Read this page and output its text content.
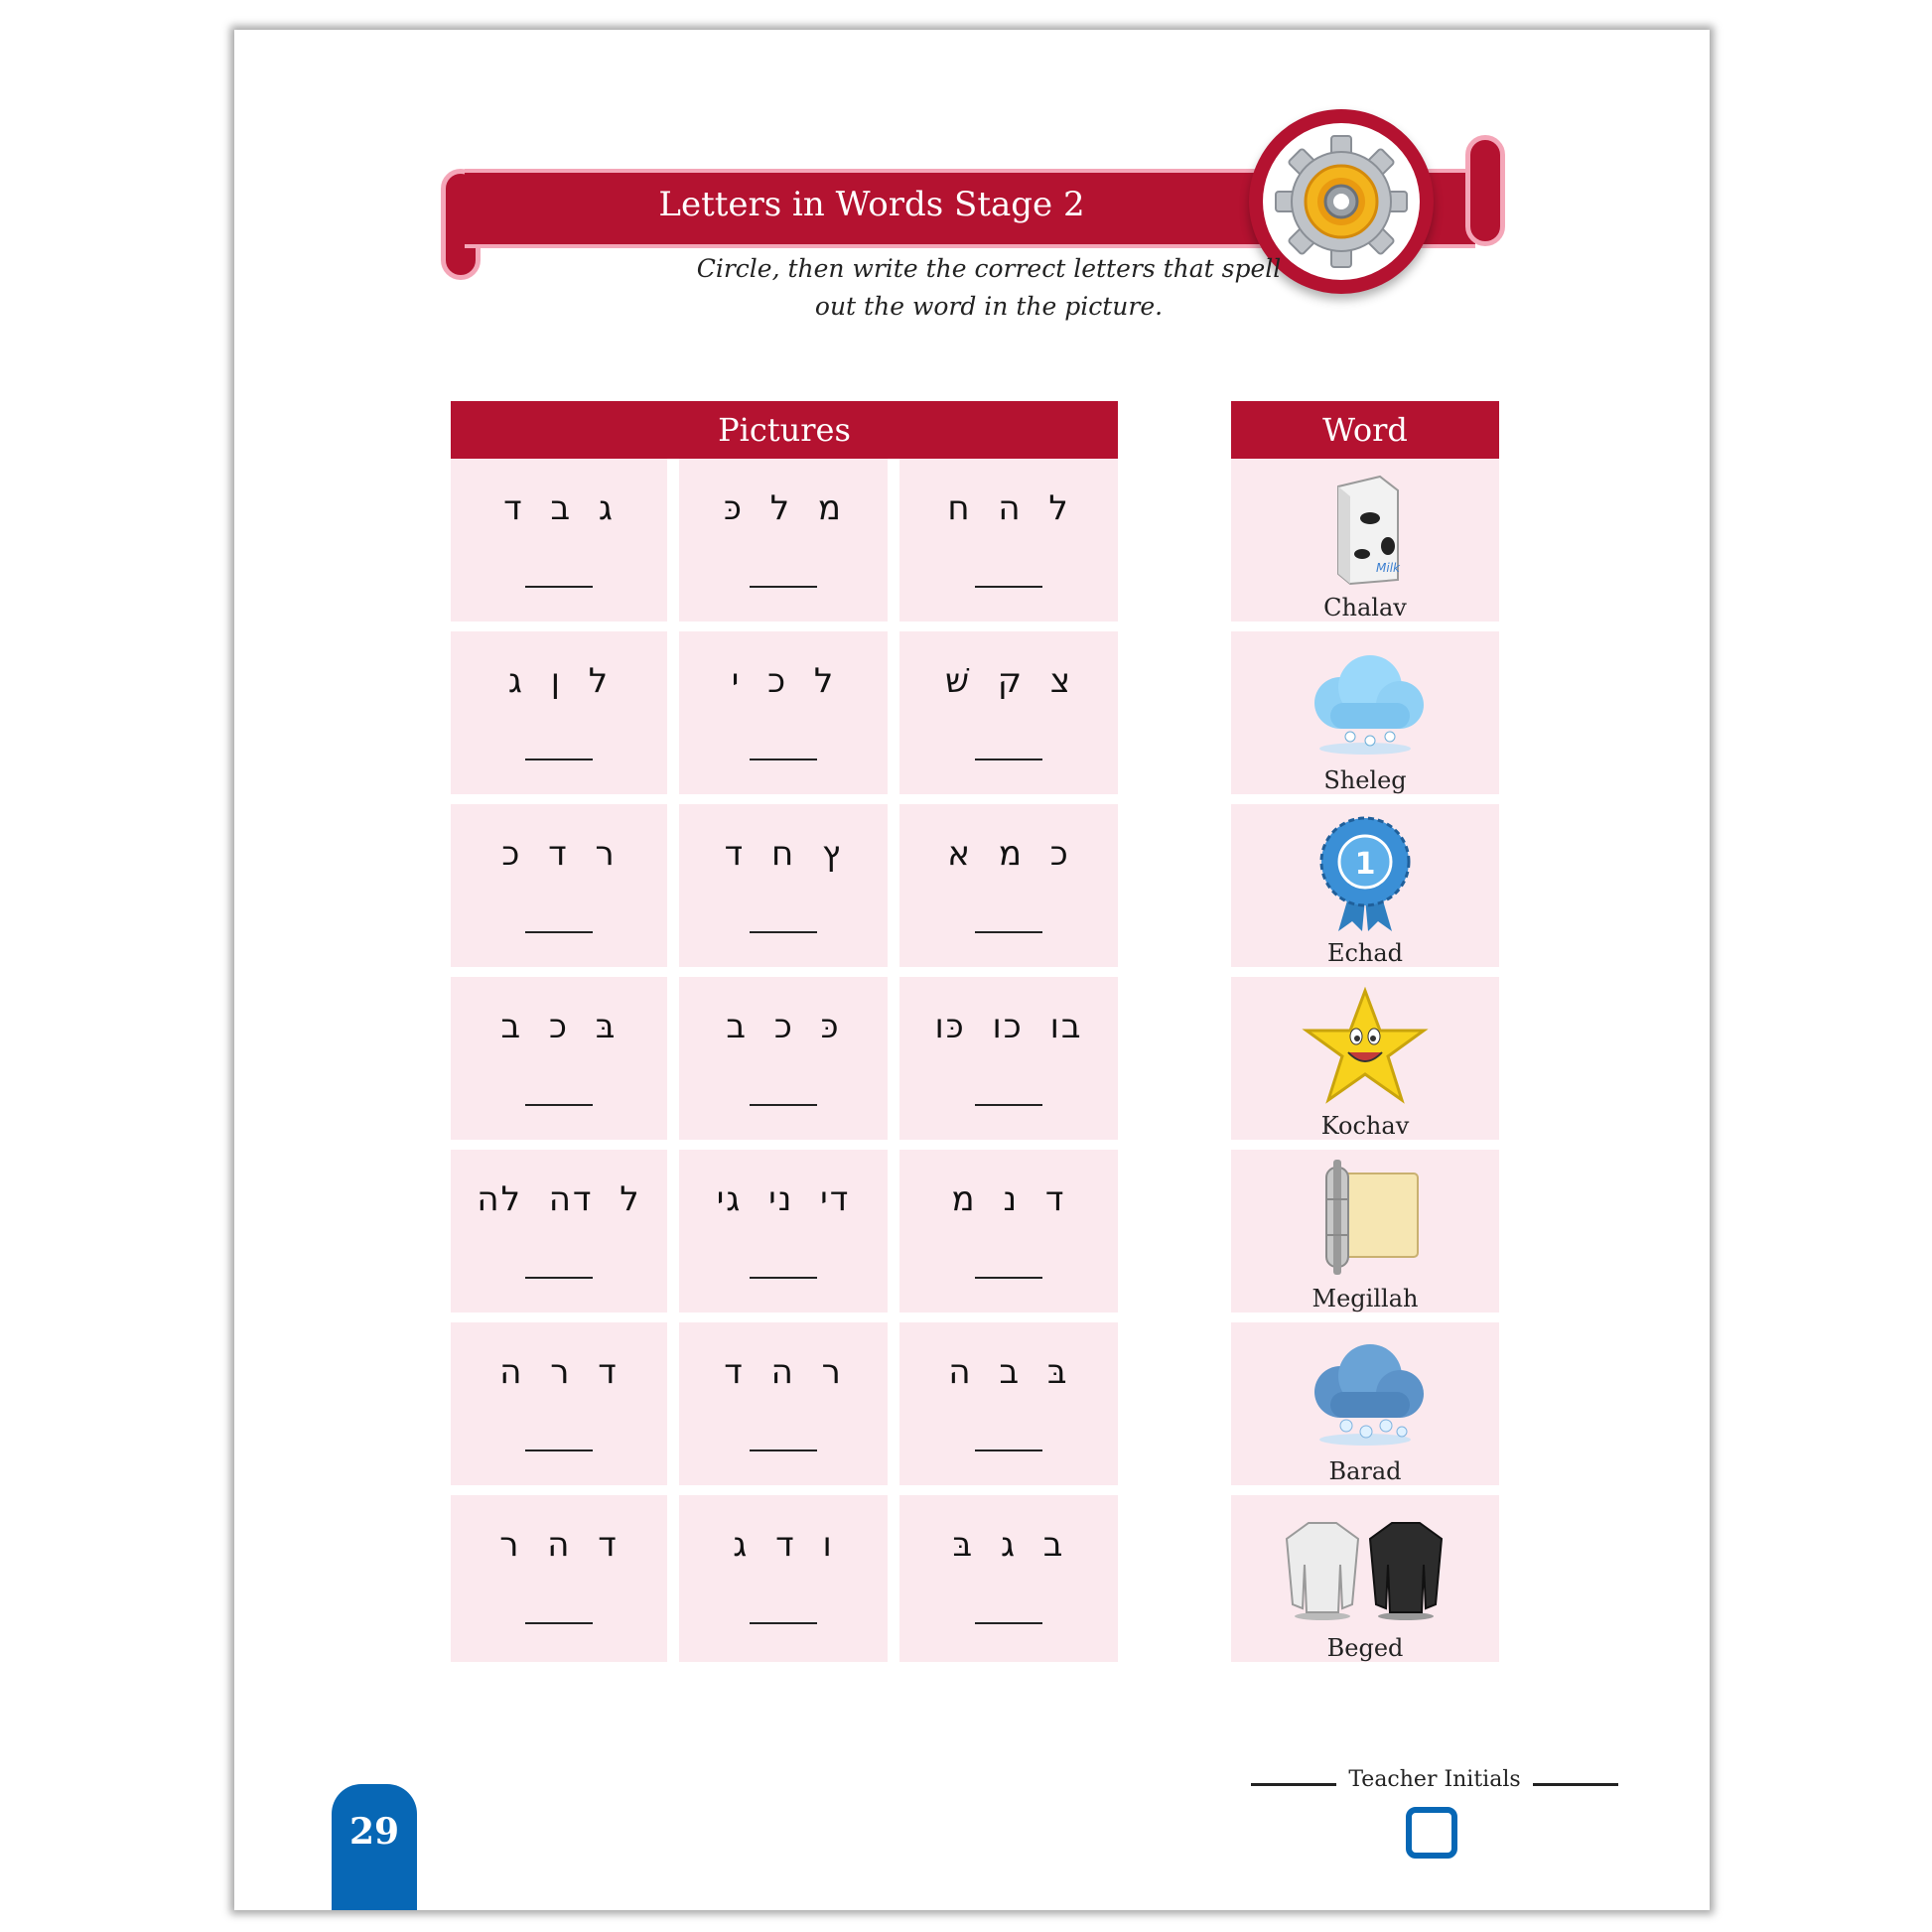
Letters in Words Stage 2
Circle, then write the correct letters that spell
out the word in the picture.
Pictures	Word
ג ב ד	מ ל כּ	ל ה ח
Milk
Chalav
ל ן ג	ל כ י	צ ק שׁ
Sheleg
ר ד כ	ץ ח ד	כ מ א	1
Echad
בּ כ ב	כּ כ ב	בו כו כּו
Kochav
ל דה לה	די ני גי	ד נ מ
Megillah
ד ר ה	ר ה ד	בּ ב ה
Barad
ד ה ר	ו ד ג	ב ג בּ
Beged
29
Teacher Initials
